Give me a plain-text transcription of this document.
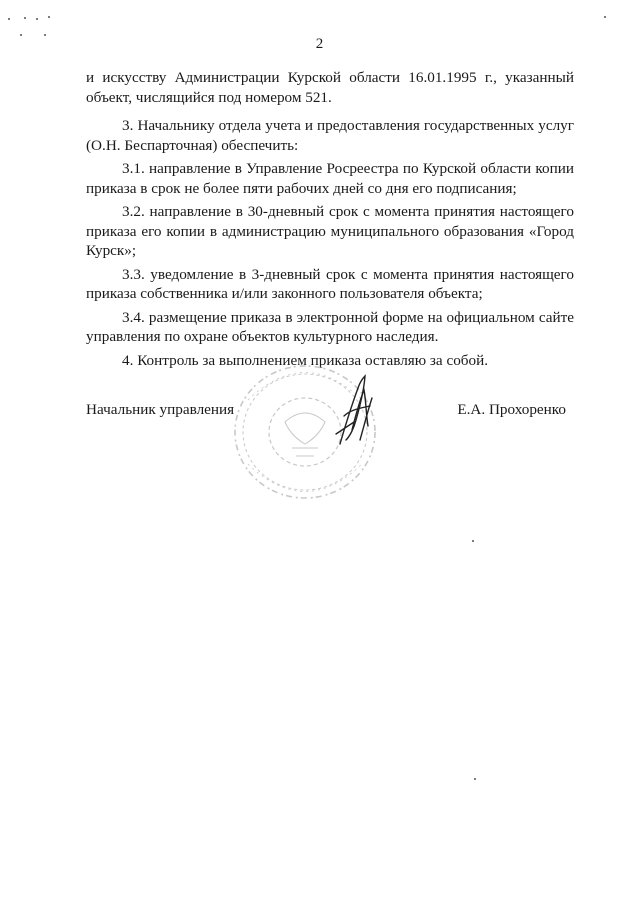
2

и искусству Администрации Курской области 16.01.1995 г., указанный объект, числящийся под номером 521.

3. Начальнику отдела учета и предоставления государственных услуг (О.Н. Беспарточная) обеспечить:

3.1. направление в Управление Росреестра по Курской области копии приказа в срок не более пяти рабочих дней со дня его подписания;

3.2. направление в 30-дневный срок с момента принятия настоящего приказа его копии в администрацию муниципального образования «Город Курск»;

3.3. уведомление в 3-дневный срок с момента принятия настоящего приказа собственника и/или законного пользователя объекта;

3.4. размещение приказа в электронной форме на официальном сайте управления по охране объектов культурного наследия.

4. Контроль за выполнением приказа оставляю за собой.

Начальник управления	Е.А. Прохоренко
